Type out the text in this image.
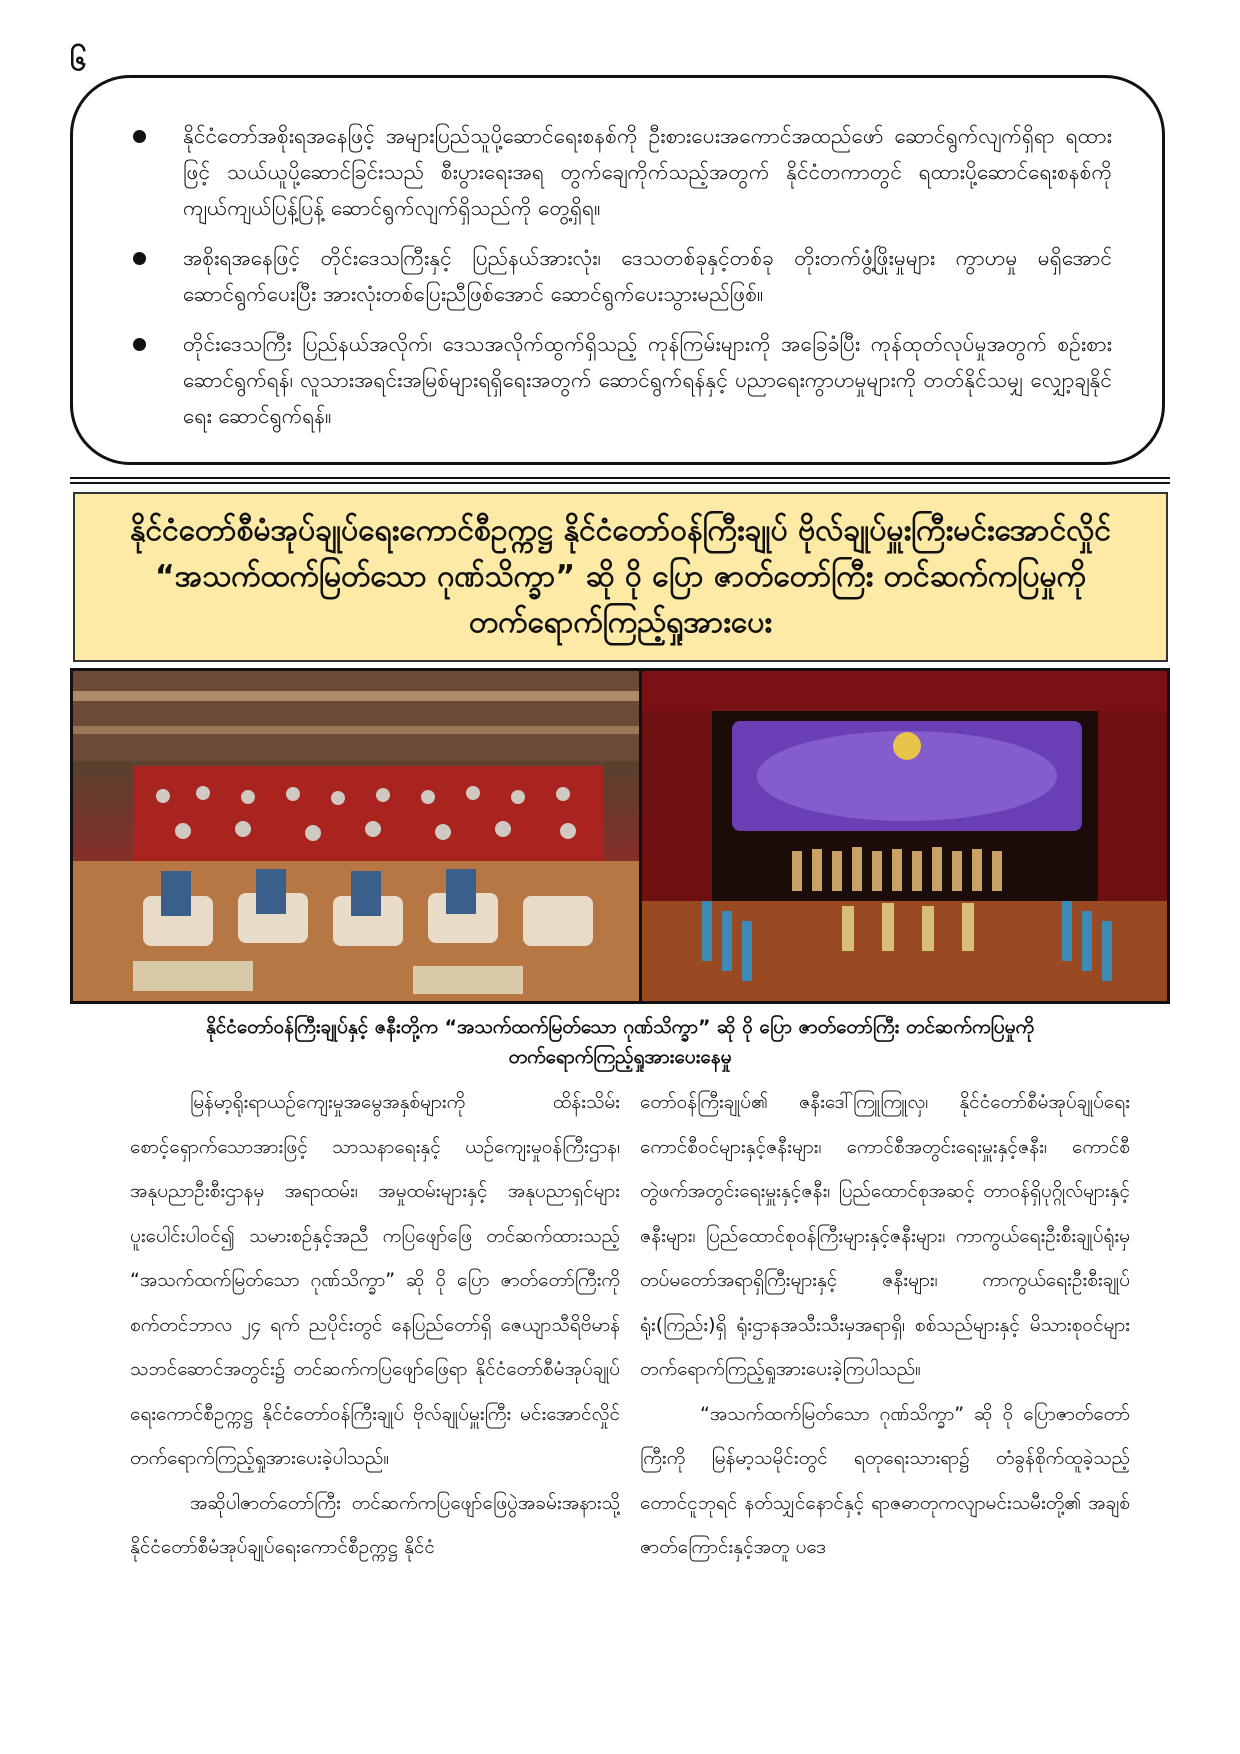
၆
နိုင်ငံတော်အစိုးရအနေဖြင့် အများပြည်သူပို့ဆောင်ရေးစနစ်ကို ဦးစားပေးအကောင်အထည်ဖော် ဆောင်ရွက်လျက်ရှိရာ ရထားဖြင့် သယ်ယူပို့ဆောင်ခြင်းသည် စီးပွားရေးအရ တွက်ချေကိုက်သည့်အတွက် နိုင်ငံတကာတွင် ရထားပို့ဆောင်ရေးစနစ်ကို ကျယ်ကျယ်ပြန့်ပြန့် ဆောင်ရွက်လျက်ရှိသည်ကို တွေ့ရှိရ။
အစိုးရအနေဖြင့် တိုင်းဒေသကြီးနှင့် ပြည်နယ်အားလုံး၊ ဒေသတစ်ခုနှင့်တစ်ခု တိုးတက်ဖွံ့ဖြိုးမှုများ ကွာဟမှု မရှိအောင် ဆောင်ရွက်ပေးပြီး အားလုံးတစ်ပြေးညီဖြစ်အောင် ဆောင်ရွက်ပေးသွားမည်ဖြစ်။
တိုင်းဒေသကြီး ပြည်နယ်အလိုက်၊ ဒေသအလိုက်ထွက်ရှိသည့် ကုန်ကြမ်းများကို အခြေခံပြီး ကုန်ထုတ်လုပ်မှုအတွက် စဉ်းစားဆောင်ရွက်ရန်၊ လူသားအရင်းအမြစ်များရရှိရေးအတွက် ဆောင်ရွက်ရန်နှင့် ပညာရေးကွာဟမှုများကို တတ်နိုင်သမျှ လျှော့ချနိုင်ရေး ဆောင်ရွက်ရန်။
နိုင်ငံတော်စီမံအုပ်ချုပ်ရေးကောင်စီဥက္ကဋ္ဌ နိုင်ငံတော်ဝန်ကြီးချုပ် ဗိုလ်ချုပ်မှူးကြီးမင်းအောင်လှိုင်
“အသက်ထက်မြတ်သော ဂုဏ်သိက္ခာ” ဆို ဝို ပြော ဇာတ်တော်ကြီး တင်ဆက်ကပြမှုကို
တက်ရောက်ကြည့်ရှုအားပေး
နိုင်ငံတော်ဝန်ကြီးချုပ်နှင့် ဇနီးတို့က “အသက်ထက်မြတ်သော ဂုဏ်သိက္ခာ” ဆို ဝို ပြော ဇာတ်တော်ကြီး တင်ဆက်ကပြမှုကို
တက်ရောက်ကြည့်ရှုအားပေးနေမှု

မြန်မာ့ရိုးရာယဉ်ကျေးမှုအမွေအနှစ်များကို ထိန်းသိမ်းစောင့်ရှောက်သောအားဖြင့် သာသနာရေးနှင့် ယဉ်ကျေးမှုဝန်ကြီးဌာန၊ အနုပညာဦးစီးဌာနမှ အရာထမ်း၊ အမှုထမ်းများနှင့် အနုပညာရှင်များ ပူးပေါင်းပါဝင်၍ သမားစဉ်နှင့်အညီ ကပြဖျော်ဖြေ တင်ဆက်ထားသည့် “အသက်ထက်မြတ်သော ဂုဏ်သိက္ခာ” ဆို ဝို ပြော ဇာတ်တော်ကြီးကို စက်တင်ဘာလ ၂၄ ရက် ညပိုင်းတွင် နေပြည်တော်ရှိ ဇေယျာသီရိဗိမာန် သဘင်ဆောင်အတွင်း၌ တင်ဆက်ကပြဖျော်ဖြေရာ နိုင်ငံတော်စီမံအုပ်ချုပ်ရေးကောင်စီဥက္ကဋ္ဌ နိုင်ငံတော်ဝန်ကြီးချုပ် ဗိုလ်ချုပ်မှူးကြီး မင်းအောင်လှိုင် တက်ရောက်ကြည့်ရှုအားပေးခဲ့ပါသည်။

အဆိုပါဇာတ်တော်ကြီး တင်ဆက်ကပြဖျော်ဖြေပွဲအခမ်းအနားသို့ နိုင်ငံတော်စီမံအုပ်ချုပ်ရေးကောင်စီဥက္ကဋ္ဌ နိုင်ငံ

တော်ဝန်ကြီးချုပ်၏ ဇနီးဒေါ်ကြူကြူလှ၊ နိုင်ငံတော်စီမံအုပ်ချုပ်ရေးကောင်စီဝင်များနှင့်ဇနီးများ၊ ကောင်စီအတွင်းရေးမှူးနှင့်ဇနီး၊ ကောင်စီတွဲဖက်အတွင်းရေးမှူးနှင့်ဇနီး၊ ပြည်ထောင်စုအဆင့် တာဝန်ရှိပုဂ္ဂိုလ်များနှင့် ဇနီးများ၊ ပြည်ထောင်စုဝန်ကြီးများနှင့်ဇနီးများ၊ ကာကွယ်ရေးဦးစီးချုပ်ရုံးမှ တပ်မတော်အရာရှိကြီးများနှင့် ဇနီးများ၊ ကာကွယ်ရေးဦးစီးချုပ်ရုံး(ကြည်း)ရှိ ရုံးဌာနအသီးသီးမှအရာရှိ၊ စစ်သည်များနှင့် မိသားစုဝင်များ တက်ရောက်ကြည့်ရှုအားပေးခဲ့ကြပါသည်။

“အသက်ထက်မြတ်သော ဂုဏ်သိက္ခာ” ဆို ဝို ပြောဇာတ်တော်ကြီးကို မြန်မာ့သမိုင်းတွင် ရတုရေးသားရာ၌ တံခွန်စိုက်ထူခဲ့သည့် တောင်ငူဘုရင် နတ်သျှင်နောင်နှင့် ရာဇဓာတုကလျာမင်းသမီးတို့၏ အချစ်ဇာတ်ကြောင်းနှင့်အတူ ပဒေ
